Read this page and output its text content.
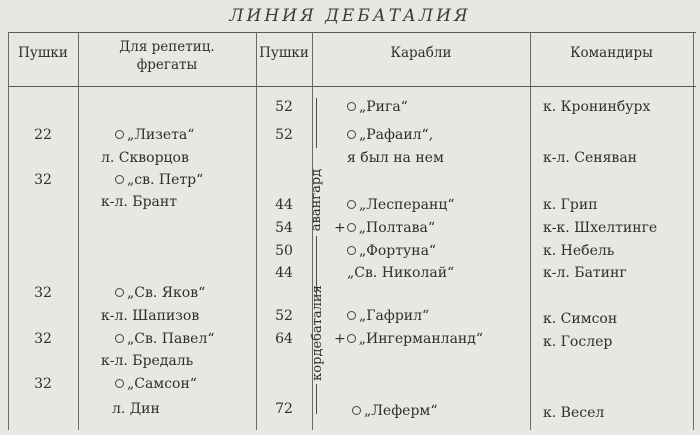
ЛИНИЯ ДЕБАТАЛИЯ
Пушки	Для репетиц.
фрегаты
Пушки	Карабли	Командиры
авангард
кордебаталия
22	„Лизета“
л. Скворцов
32	„св. Петр“
к-л. Брант
32	„Св. Яков“
к-л. Шапизов
32	„Св. Павел“
к-л. Бредаль
32	„Самсон“
л. Дин
52	„Рига“	к. Кронинбурх
52	„Рафаил“,
я был на нем	к-л. Сеняван
44	„Лесперанц“	к. Грип
54	+ „Полтава“	к-к. Шхелтинге
50	„Фортуна“	к. Небель
44	„Св. Николай“	к-л. Батинг
52	„Гафрил“	к. Симсон
64	+ „Ингерманланд“	к. Гослер
72	„Леферм“	к. Весел
